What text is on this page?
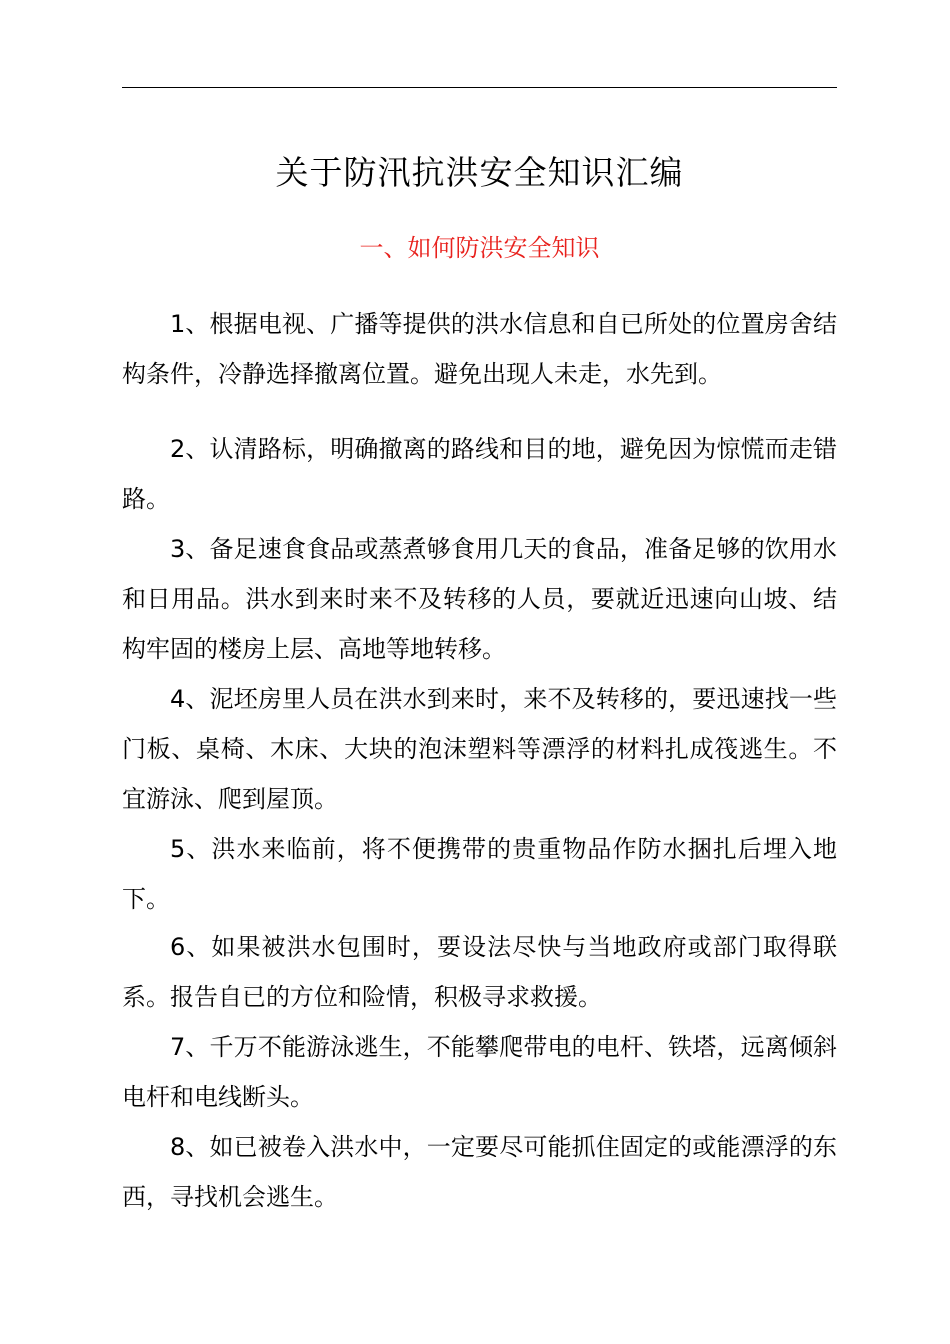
关于防汛抗洪安全知识汇编
一、如何防洪安全知识

1、根据电视、广播等提供的洪水信息和自已所处的位置房舍结构条件，冷静选择撤离位置。避免出现人未走，水先到。

2、认清路标，明确撤离的路线和目的地，避免因为惊慌而走错路。

3、备足速食食品或蒸煮够食用几天的食品，准备足够的饮用水和日用品。洪水到来时来不及转移的人员，要就近迅速向山坡、结构牢固的楼房上层、高地等地转移。

4、泥坯房里人员在洪水到来时，来不及转移的，要迅速找一些门板、桌椅、木床、大块的泡沫塑料等漂浮的材料扎成筏逃生。不宜游泳、爬到屋顶。

5、洪水来临前，将不便携带的贵重物品作防水捆扎后埋入地下。

6、如果被洪水包围时，要设法尽快与当地政府或部门取得联系。报告自已的方位和险情，积极寻求救援。

7、千万不能游泳逃生，不能攀爬带电的电杆、铁塔，远离倾斜电杆和电线断头。

8、如已被卷入洪水中，一定要尽可能抓住固定的或能漂浮的东西，寻找机会逃生。
